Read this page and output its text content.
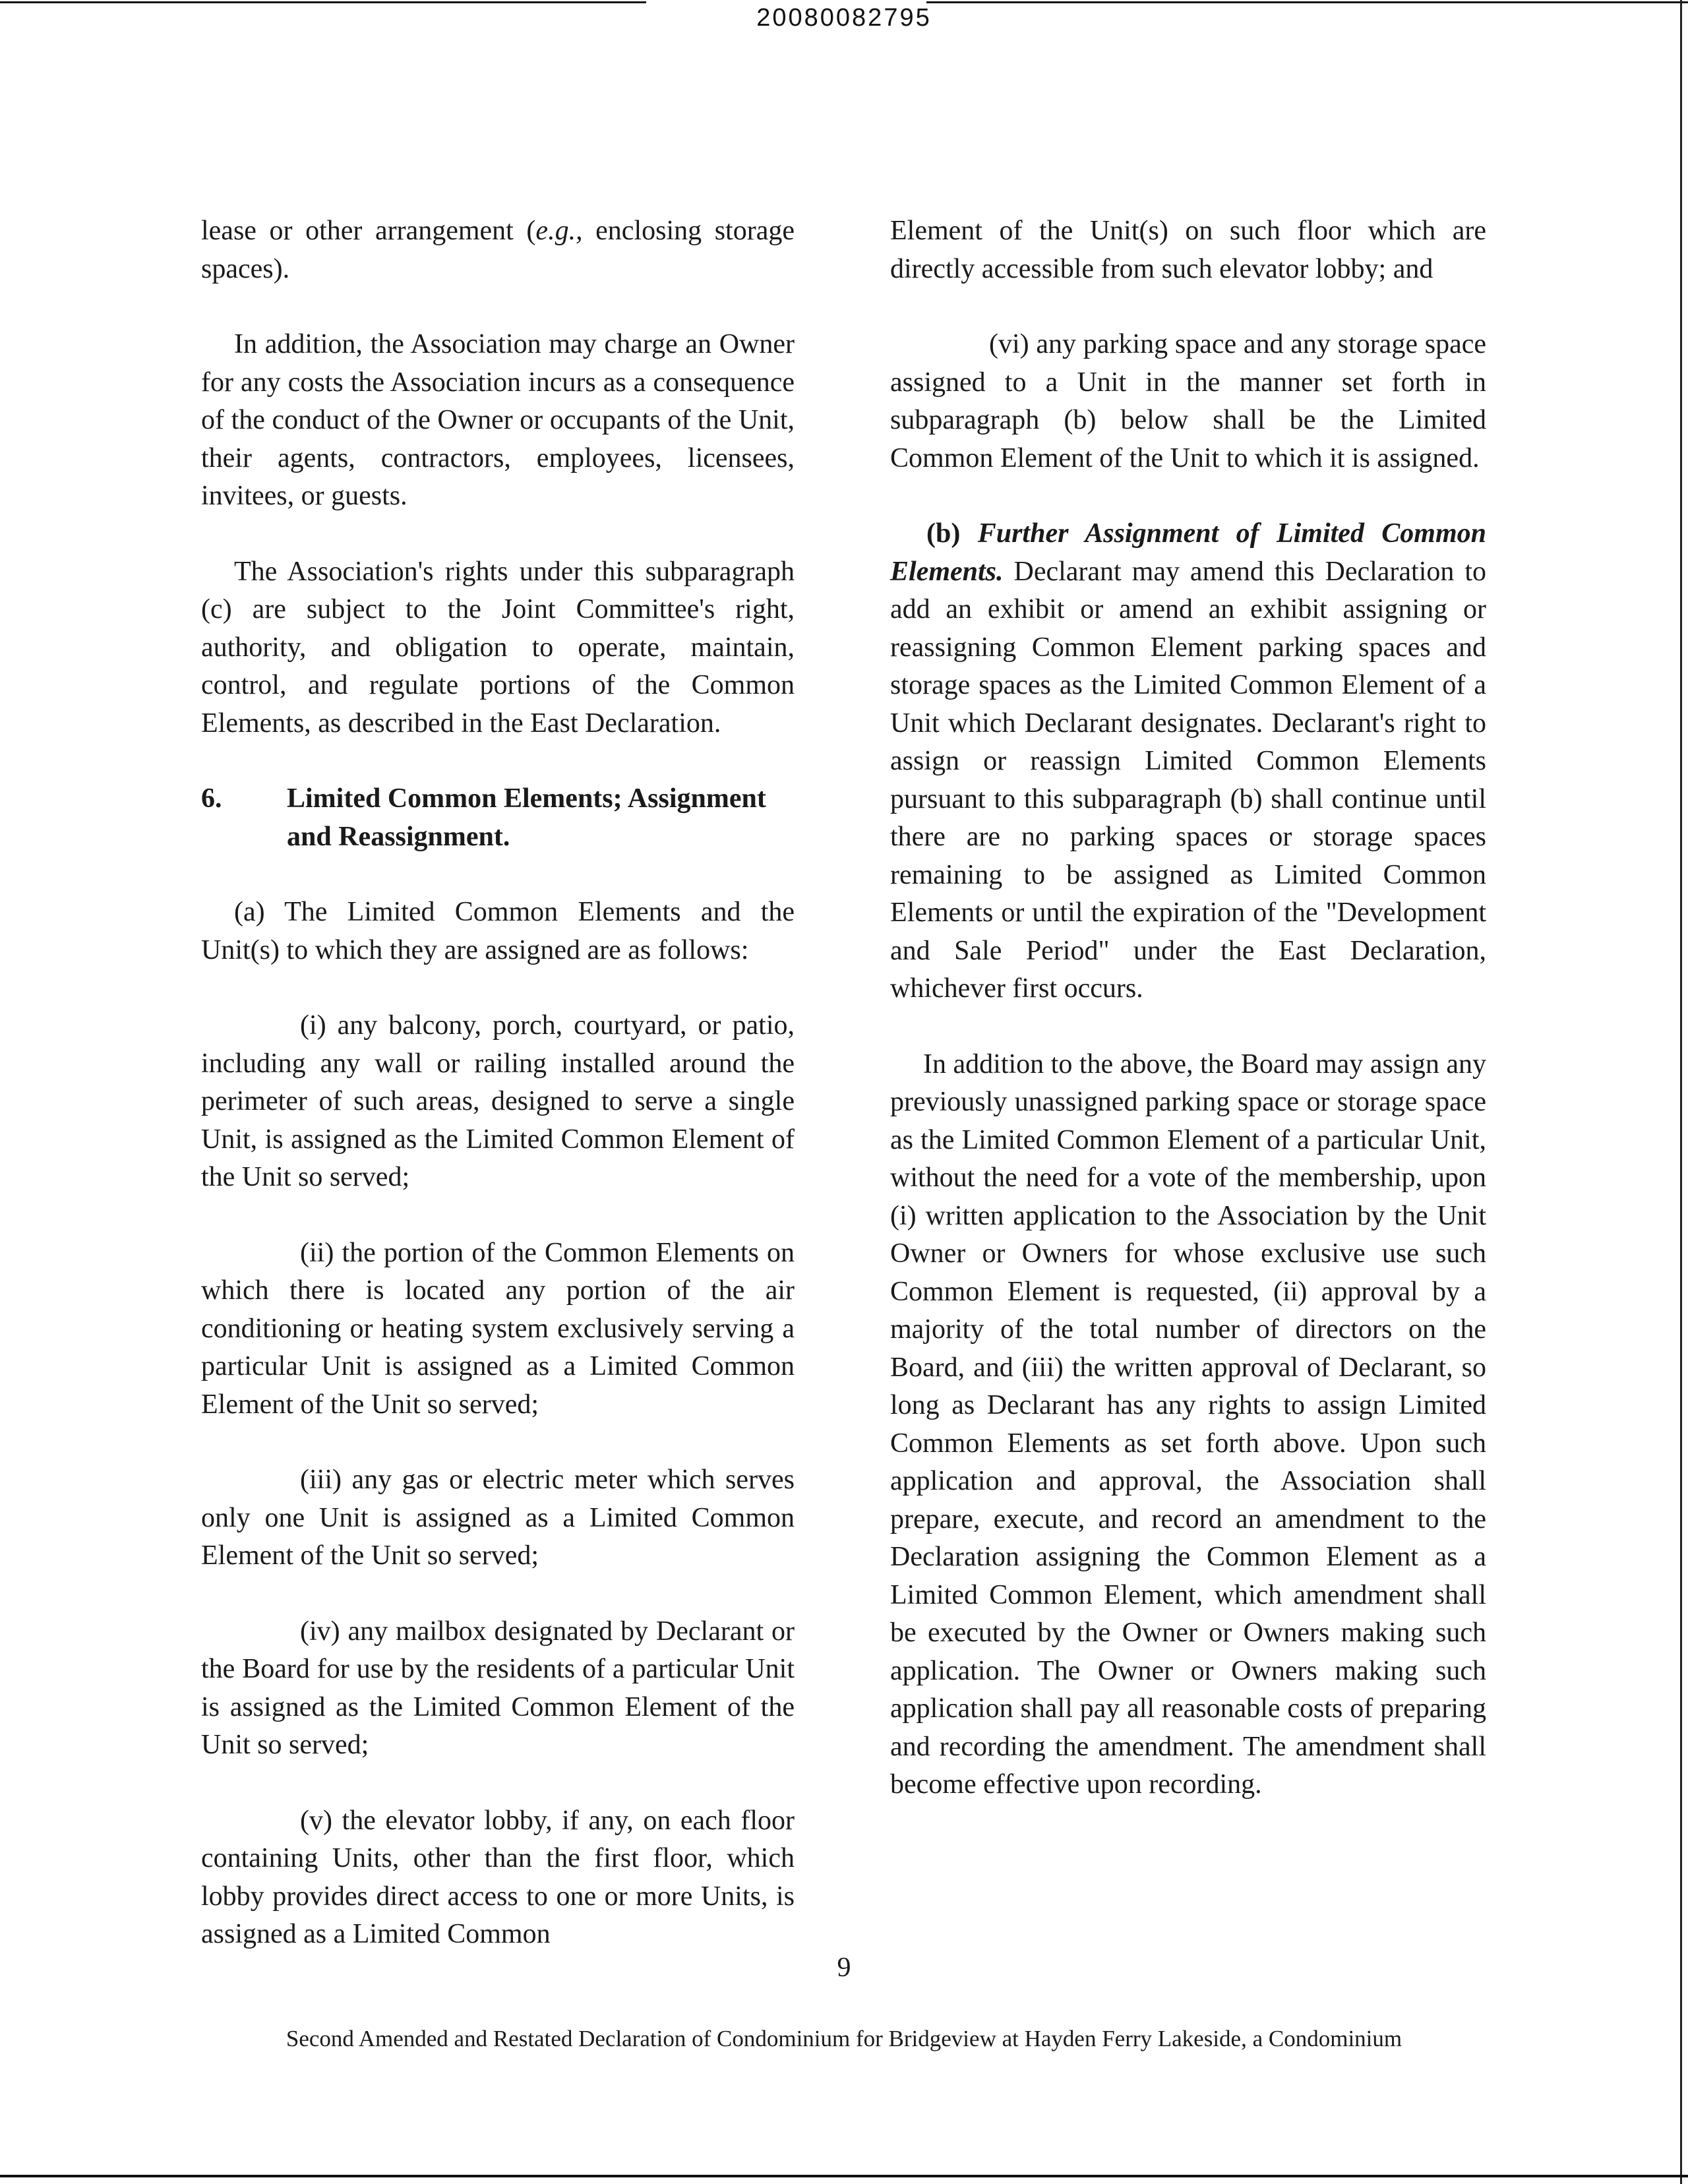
20080082795

lease or other arrangement (e.g., enclosing storage spaces).

In addition, the Association may charge an Owner for any costs the Association incurs as a consequence of the conduct of the Owner or occupants of the Unit, their agents, contractors, employees, licensees, invitees, or guests.

The Association's rights under this subparagraph (c) are subject to the Joint Committee's right, authority, and obligation to operate, maintain, control, and regulate portions of the Common Elements, as described in the East Declaration.

6.	Limited Common Elements; Assignment and Reassignment.

(a) The Limited Common Elements and the Unit(s) to which they are assigned are as follows:

(i) any balcony, porch, courtyard, or patio, including any wall or railing installed around the perimeter of such areas, designed to serve a single Unit, is assigned as the Limited Common Element of the Unit so served;

(ii) the portion of the Common Elements on which there is located any portion of the air conditioning or heating system exclusively serving a particular Unit is assigned as a Limited Common Element of the Unit so served;

(iii) any gas or electric meter which serves only one Unit is assigned as a Limited Common Element of the Unit so served;

(iv) any mailbox designated by Declarant or the Board for use by the residents of a particular Unit is assigned as the Limited Common Element of the Unit so served;

(v) the elevator lobby, if any, on each floor containing Units, other than the first floor, which lobby provides direct access to one or more Units, is assigned as a Limited Common

Element of the Unit(s) on such floor which are directly accessible from such elevator lobby; and

(vi) any parking space and any storage space assigned to a Unit in the manner set forth in subparagraph (b) below shall be the Limited Common Element of the Unit to which it is assigned.

(b) Further Assignment of Limited Common Elements. Declarant may amend this Declaration to add an exhibit or amend an exhibit assigning or reassigning Common Element parking spaces and storage spaces as the Limited Common Element of a Unit which Declarant designates. Declarant's right to assign or reassign Limited Common Elements pursuant to this subparagraph (b) shall continue until there are no parking spaces or storage spaces remaining to be assigned as Limited Common Elements or until the expiration of the "Development and Sale Period" under the East Declaration, whichever first occurs.

In addition to the above, the Board may assign any previously unassigned parking space or storage space as the Limited Common Element of a particular Unit, without the need for a vote of the membership, upon (i) written application to the Association by the Unit Owner or Owners for whose exclusive use such Common Element is requested, (ii) approval by a majority of the total number of directors on the Board, and (iii) the written approval of Declarant, so long as Declarant has any rights to assign Limited Common Elements as set forth above. Upon such application and approval, the Association shall prepare, execute, and record an amendment to the Declaration assigning the Common Element as a Limited Common Element, which amendment shall be executed by the Owner or Owners making such application. The Owner or Owners making such application shall pay all reasonable costs of preparing and recording the amendment. The amendment shall become effective upon recording.

9
Second Amended and Restated Declaration of Condominium for Bridgeview at Hayden Ferry Lakeside, a Condominium
